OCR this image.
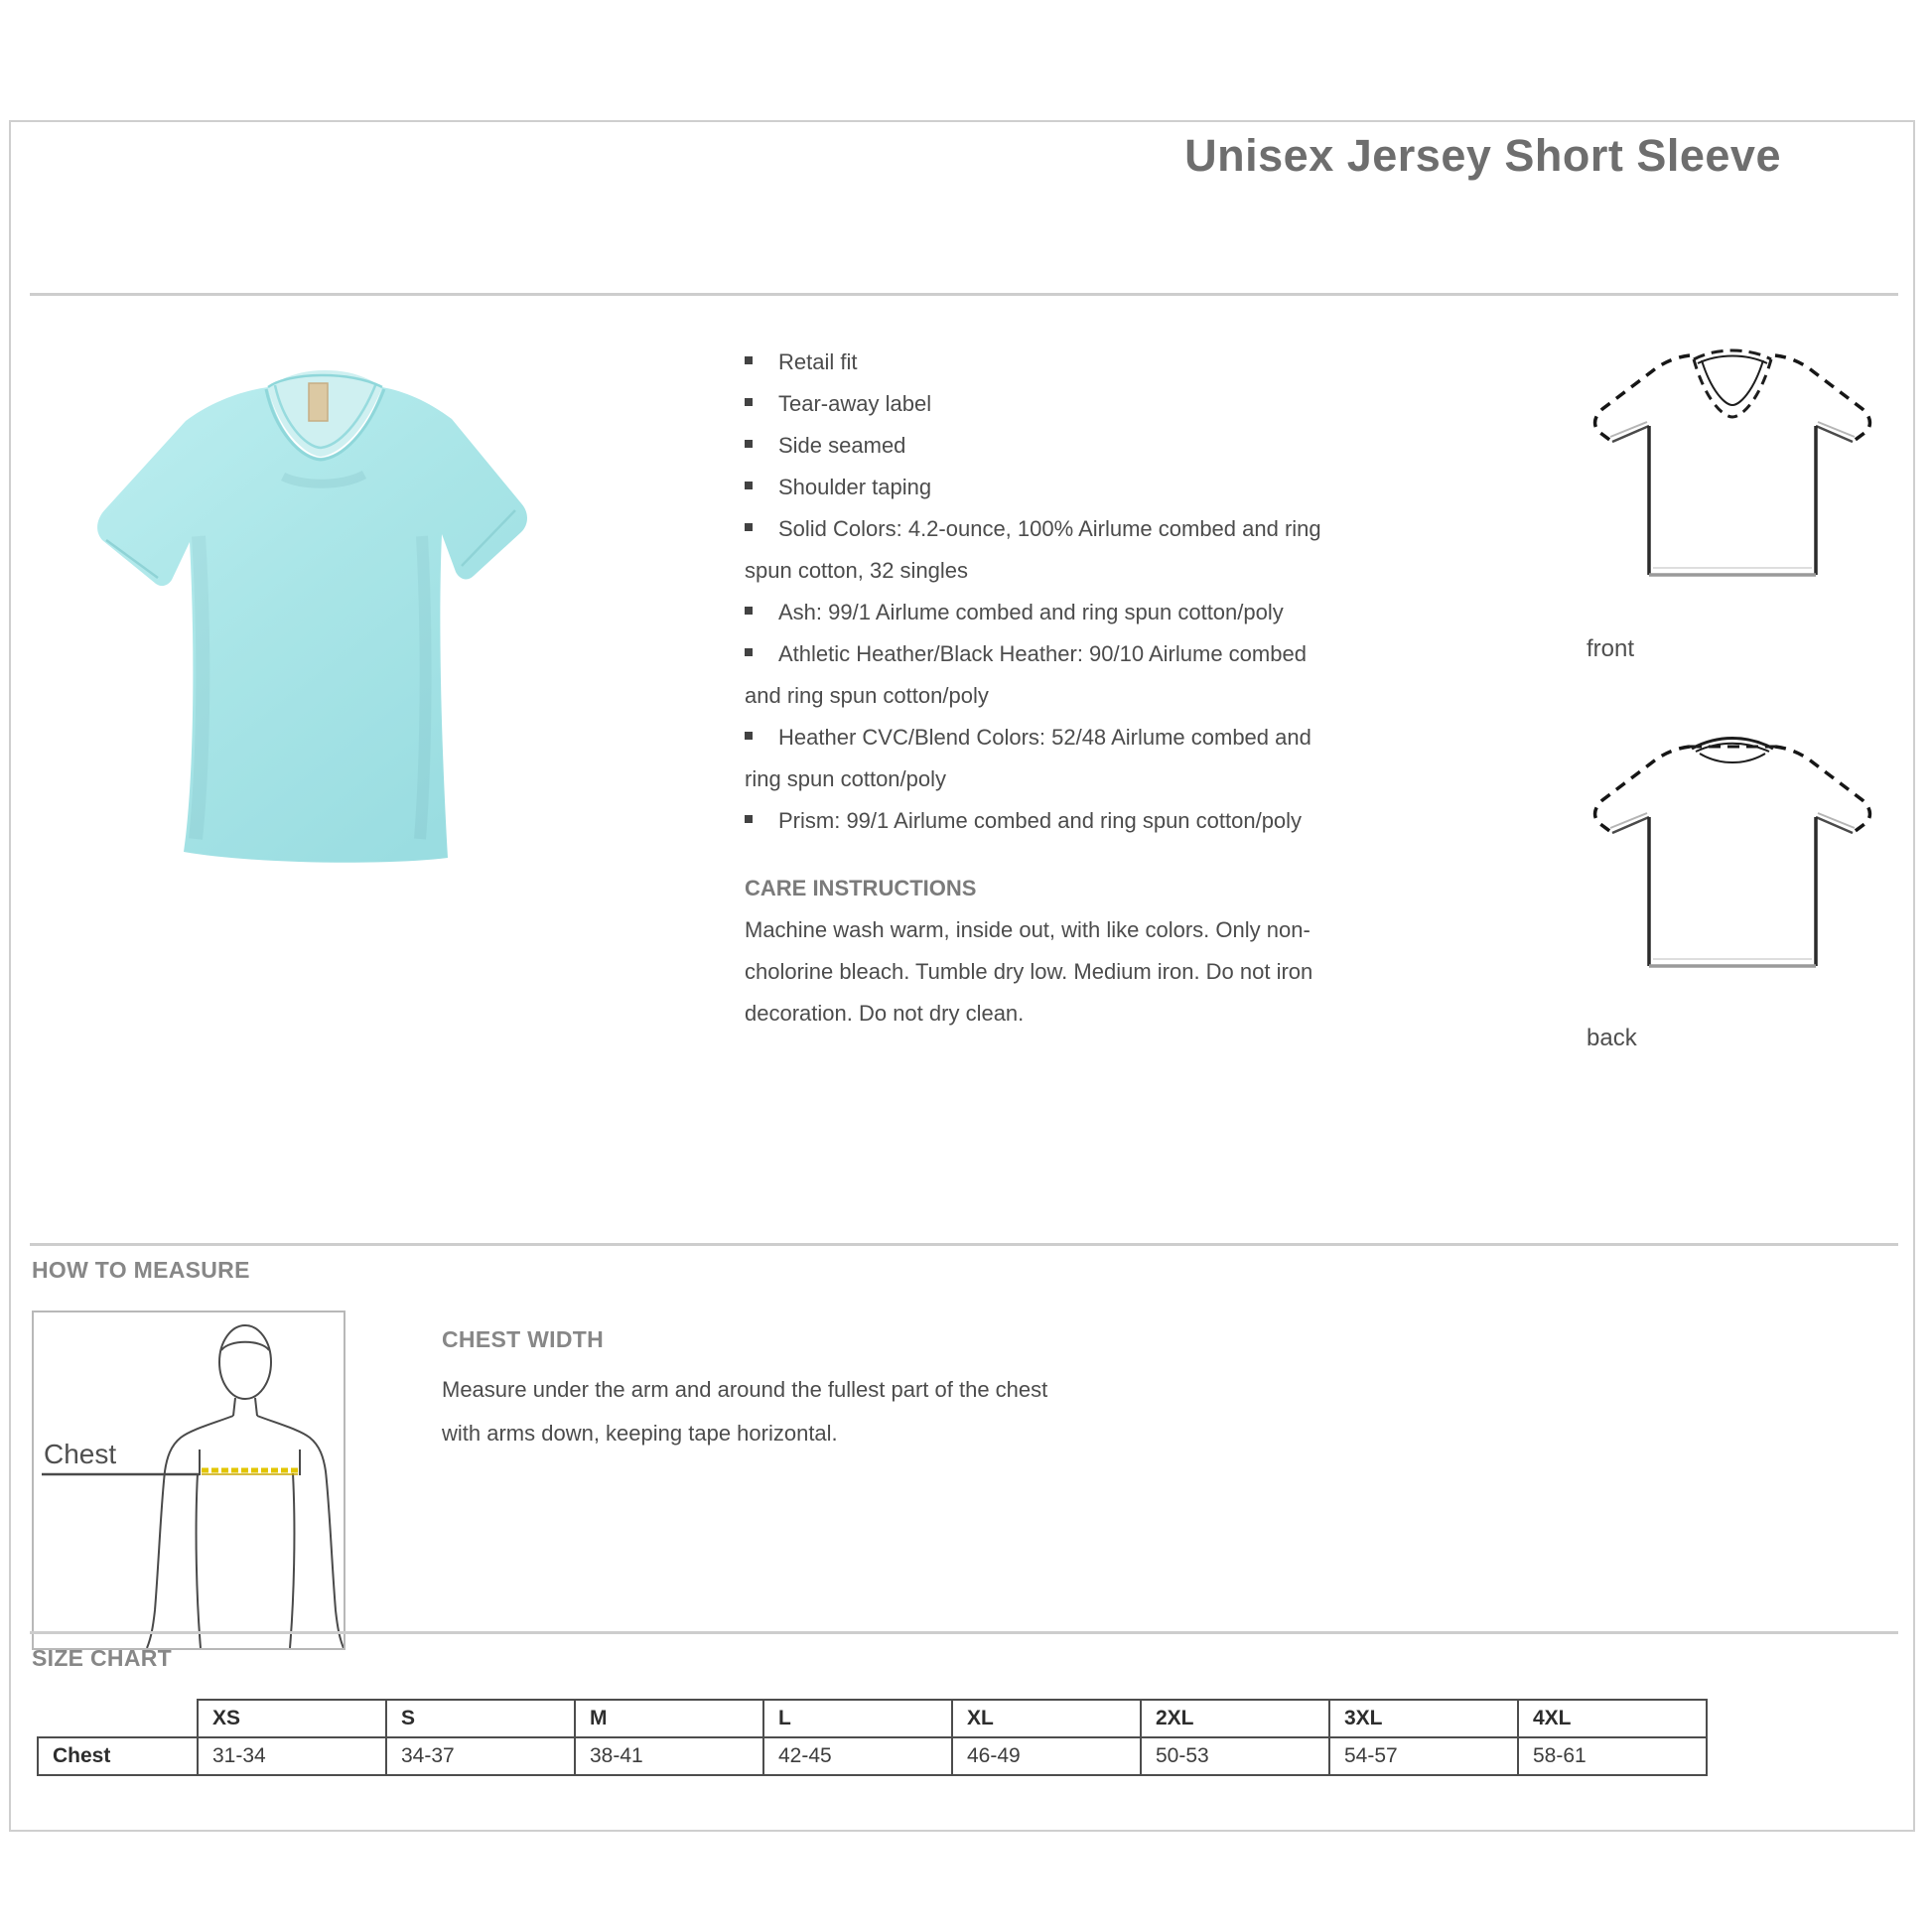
Unisex Jersey Short Sleeve
Retail fit
Tear-away label
Side seamed
Shoulder taping
Solid Colors: 4.2-ounce, 100% Airlume combed and ring spun cotton, 32 singles
Ash: 99/1 Airlume combed and ring spun cotton/poly
Athletic Heather/Black Heather: 90/10 Airlume combed and ring spun cotton/poly
Heather CVC/Blend Colors: 52/48 Airlume combed and ring spun cotton/poly
Prism: 99/1 Airlume combed and ring spun cotton/poly
CARE INSTRUCTIONS
Machine wash warm, inside out, with like colors. Only non-cholorine bleach. Tumble dry low. Medium iron. Do not iron decoration. Do not dry clean.
front
back
HOW TO MEASURE
Chest
CHEST WIDTH
Measure under the arm and around the fullest part of the chest with arms down, keeping tape horizontal.
SIZE CHART
	XS	S	M	L	XL	2XL	3XL	4XL
Chest	31-34	34-37	38-41	42-45	46-49	50-53	54-57	58-61
